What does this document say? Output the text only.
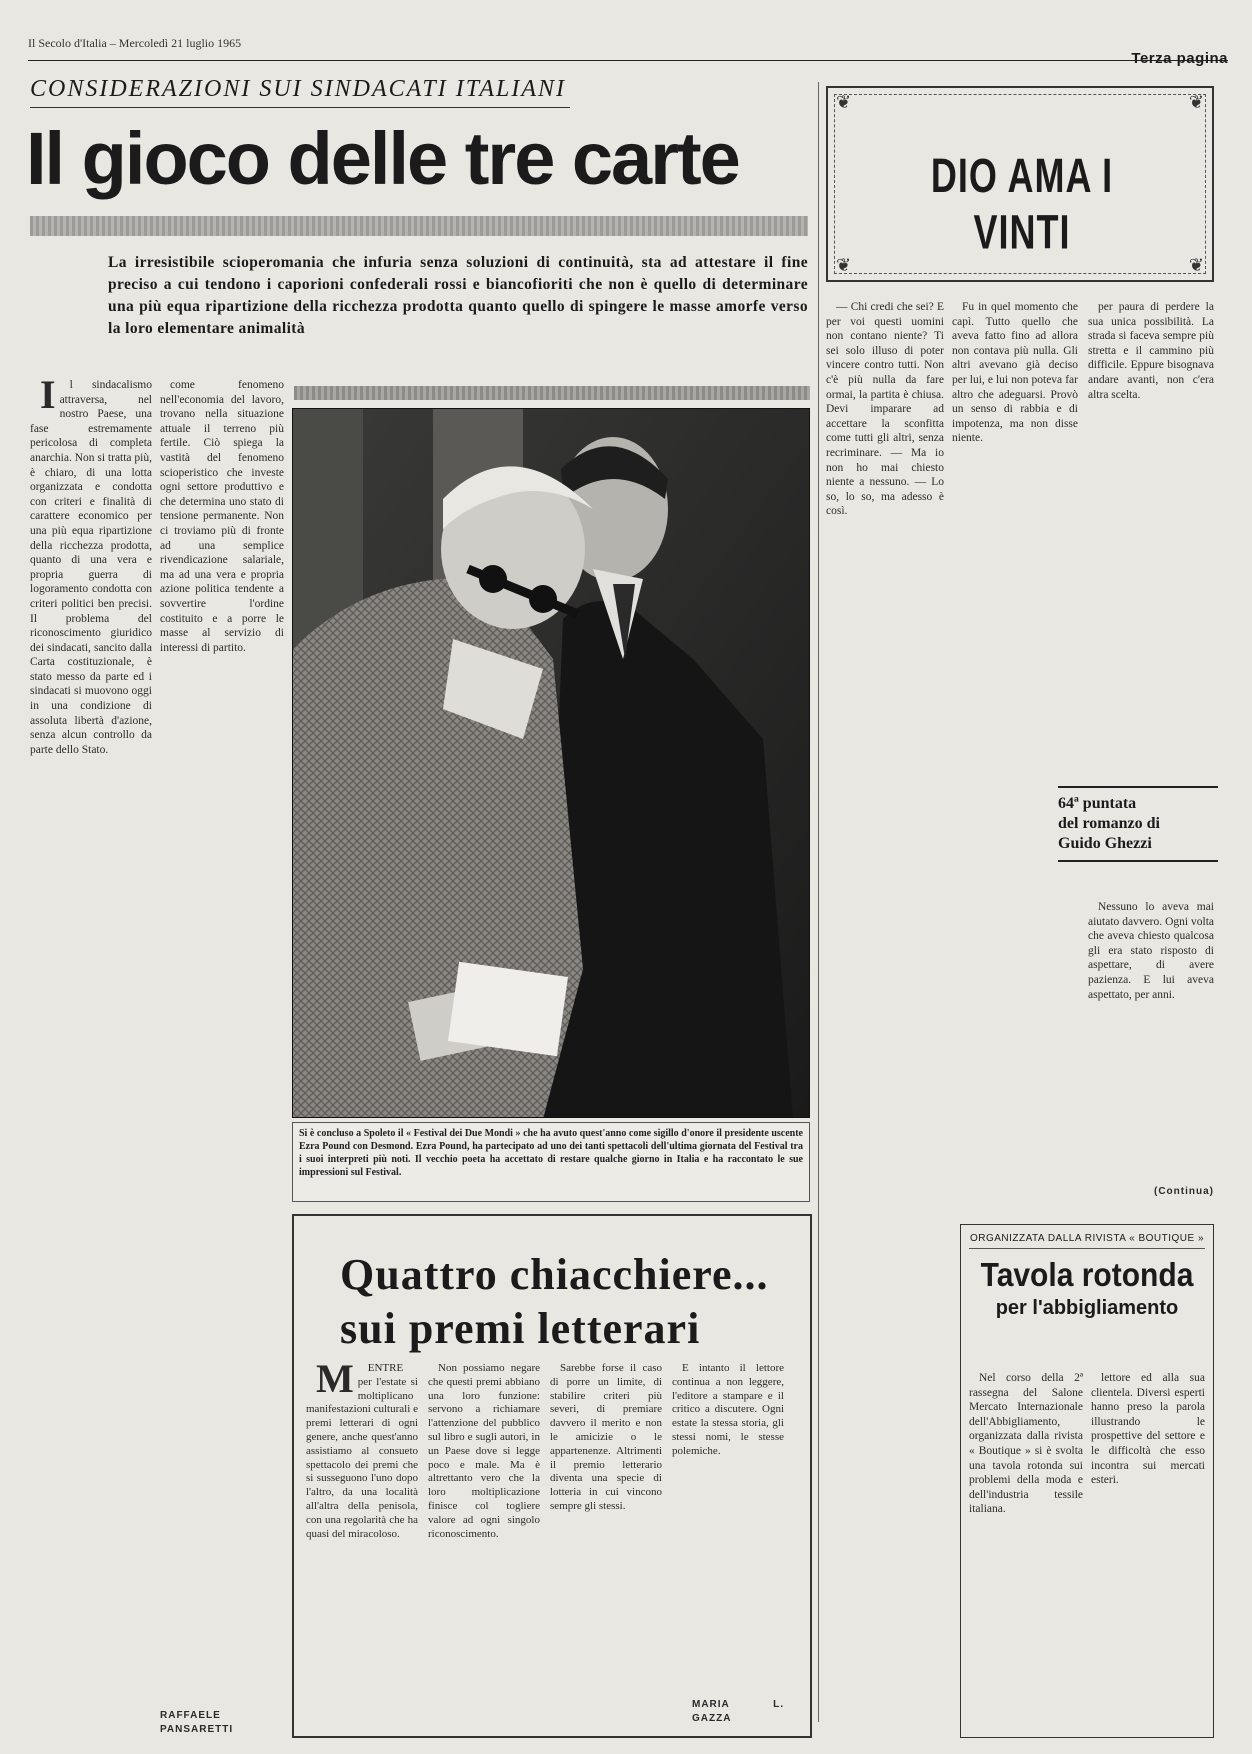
Il Secolo d'Italia – Mercoledì 21 luglio 1965
Terza pagina
CONSIDERAZIONI SUI SINDACATI ITALIANI
Il gioco delle tre carte
La irresistibile scioperomania che infuria senza soluzioni di continuità, sta ad attestare il fine preciso a cui tendono i caporioni confederali rossi e biancofioriti che non è quello di determinare una più equa ripartizione della ricchezza prodotta quanto quello di spingere le masse amorfe verso la loro elementare animalità

I l sindacalismo attraversa, nel nostro Paese, una fase estremamente pericolosa di completa anarchia. Non si tratta più, è chiaro, di una lotta organizzata e condotta con criteri e finalità di carattere economico per una più equa ripartizione della ricchezza prodotta, quanto di una vera e propria guerra di logoramento condotta con criteri politici ben precisi. Il problema del riconoscimento giuridico dei sindacati, sancito dalla Carta costituzionale, è stato messo da parte ed i sindacati si muovono oggi in una condizione di assoluta libertà d'azione, senza alcun controllo da parte dello Stato.

come fenomeno nell'economia del lavoro, trovano nella situazione attuale il terreno più fertile. Ciò spiega la vastità del fenomeno scioperistico che investe ogni settore produttivo e che determina uno stato di tensione permanente. Non ci troviamo più di fronte ad una semplice rivendicazione salariale, ma ad una vera e propria azione politica tendente a sovvertire l'ordine costituito e a porre le masse al servizio di interessi di partito.

RAFFAELE PANSARETTI

Si è concluso a Spoleto il « Festival dei Due Mondi » che ha avuto quest'anno come sigillo d'onore il presidente uscente Ezra Pound con Desmond. Ezra Pound, ha partecipato ad uno dei tanti spettacoli dell'ultima giornata del Festival tra i suoi interpreti più noti. Il vecchio poeta ha accettato di restare qualche giorno in Italia e ha raccontato le sue impressioni sul Festival.
Quattro chiacchiere...
sui premi letterari

M ENTRE per l'estate si moltiplicano manifestazioni culturali e premi letterari di ogni genere, anche quest'anno assistiamo al consueto spettacolo dei premi che si susseguono l'uno dopo l'altro, da una località all'altra della penisola, con una regolarità che ha quasi del miracoloso.

Non possiamo negare che questi premi abbiano una loro funzione: servono a richiamare l'attenzione del pubblico sul libro e sugli autori, in un Paese dove si legge poco e male. Ma è altrettanto vero che la loro moltiplicazione finisce col togliere valore ad ogni singolo riconoscimento.

Sarebbe forse il caso di porre un limite, di stabilire criteri più severi, di premiare davvero il merito e non le amicizie o le appartenenze. Altrimenti il premio letterario diventa una specie di lotteria in cui vincono sempre gli stessi.

E intanto il lettore continua a non leggere, l'editore a stampare e il critico a discutere. Ogni estate la stessa storia, gli stessi nomi, le stesse polemiche.

MARIA L. GAZZA

❦	❦
❦	❦
DIO AMA I VINTI

— Chi credi che sei? E per voi questi uomini non contano niente? Ti sei solo illuso di poter vincere contro tutti. Non c'è più nulla da fare ormai, la partita è chiusa. Devi imparare ad accettare la sconfitta come tutti gli altri, senza recriminare. — Ma io non ho mai chiesto niente a nessuno. — Lo so, lo so, ma adesso è così.

Fu in quel momento che capì. Tutto quello che aveva fatto fino ad allora non contava più nulla. Gli altri avevano già deciso per lui, e lui non poteva far altro che adeguarsi. Provò un senso di rabbia e di impotenza, ma non disse niente.

per paura di perdere la sua unica possibilità. La strada si faceva sempre più stretta e il cammino più difficile. Eppure bisognava andare avanti, non c'era altra scelta.

64ª puntata
del romanzo di
Guido Ghezzi

Nessuno lo aveva mai aiutato davvero. Ogni volta che aveva chiesto qualcosa gli era stato risposto di aspettare, di avere pazienza. E lui aveva aspettato, per anni.

(Continua)

ORGANIZZATA DALLA RIVISTA « BOUTIQUE »
Tavola rotonda
per l'abbigliamento

Nel corso della 2ª rassegna del Salone Mercato Internazionale dell'Abbigliamento, organizzata dalla rivista « Boutique » si è svolta una tavola rotonda sui problemi della moda e dell'industria tessile italiana.

lettore ed alla sua clientela. Diversi esperti hanno preso la parola illustrando le prospettive del settore e le difficoltà che esso incontra sui mercati esteri.
